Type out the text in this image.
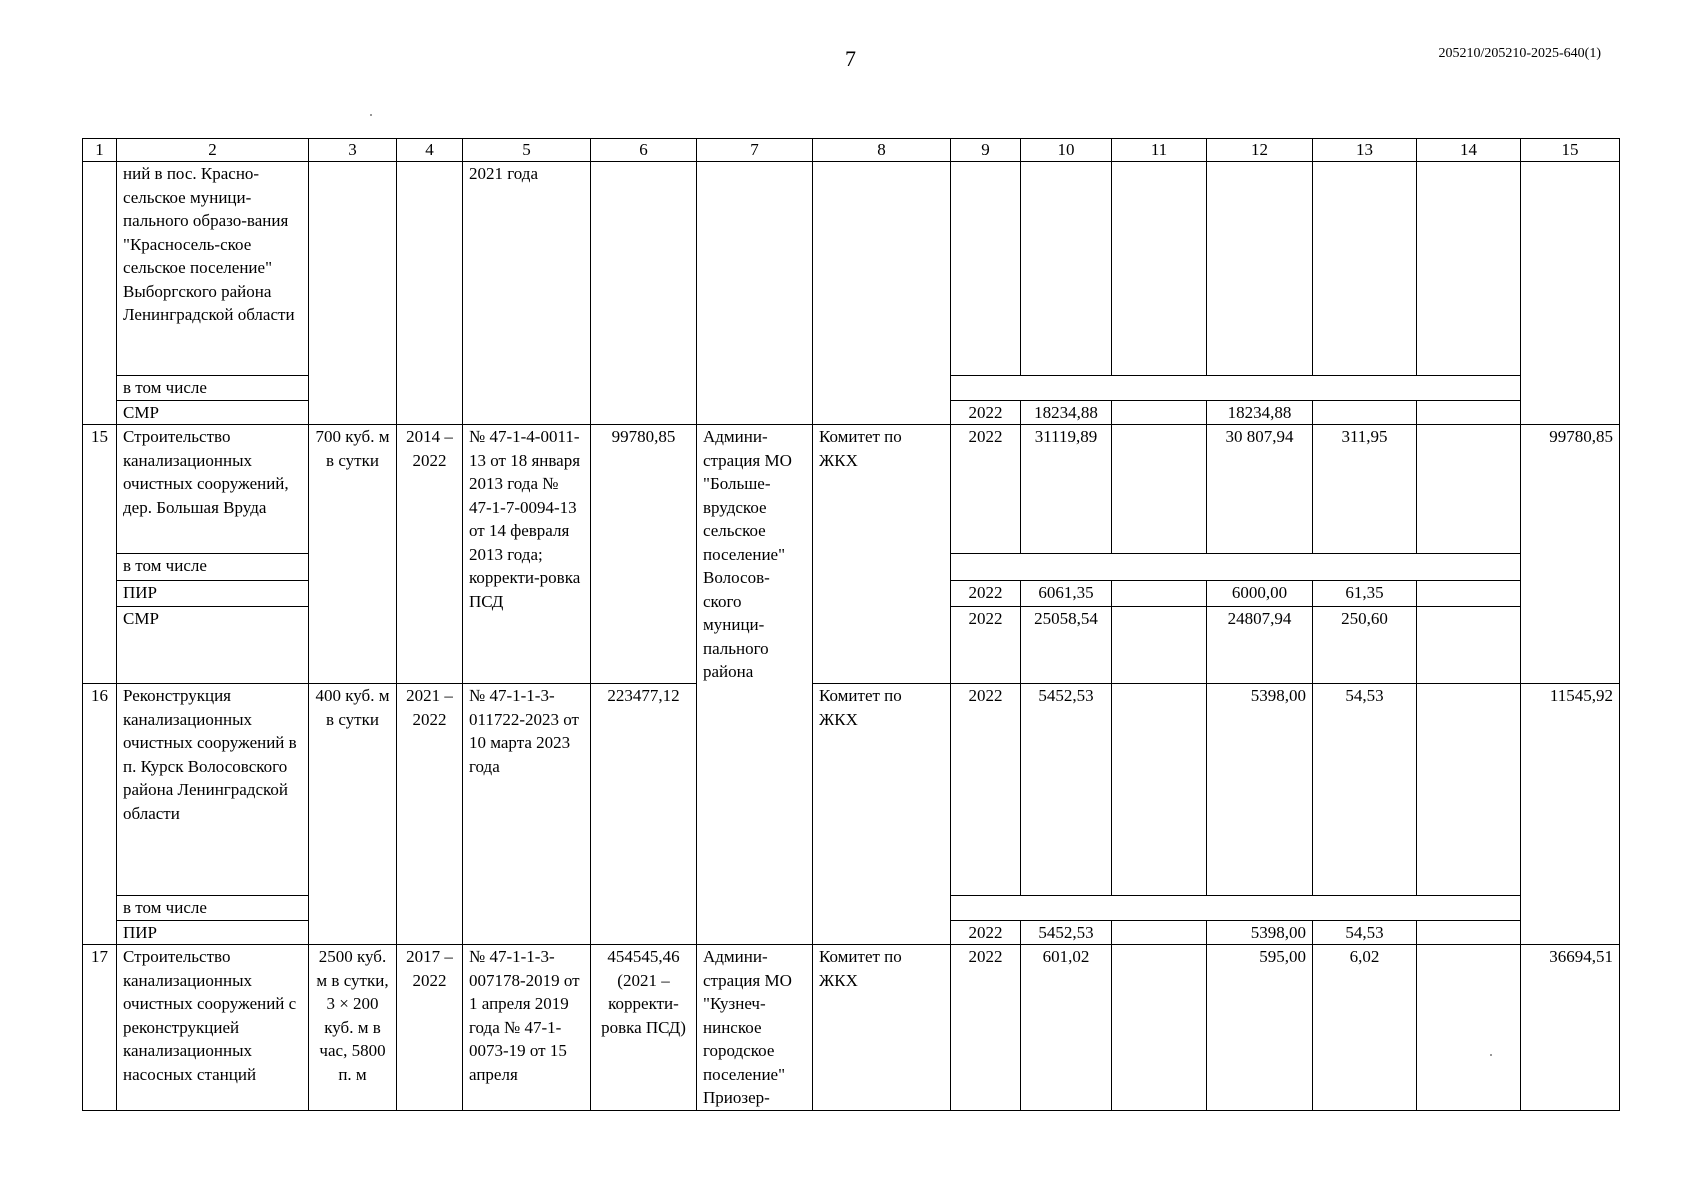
7	205210/205210-2025-640(1)
1	2	3	4	5	6	7	8	9	10	11	12	13	14	15
	ний в пос. Красно-сельское муници-пального образо-вания "Красносель-ское сельское поселение" Выборгского района Ленинградской области			2021 года										
	в том числе													
	СМР							2022	18234,88		18234,88			
15	Строительство канализационных очистных сооружений, дер. Большая Вруда	700 куб. м в сутки	2014 – 2022	№ 47-1-4-0011-13 от 18 января 2013 года № 47-1-7-0094-13 от 14 февраля 2013 года; корректи-ровка ПСД	99780,85	Админи-страция МО "Больше-врудское сельское поселение" Волосов-ского муници-пального района	Комитет по ЖКХ	2022	31119,89		30 807,94	311,95		99780,85
	в том числе													
	ПИР							2022	6061,35		6000,00	61,35		
	СМР							2022	25058,54		24807,94	250,60		
16	Реконструкция канализационных очистных сооружений в п. Курск Волосовского района Ленинградской области	400 куб. м в сутки	2021 – 2022	№ 47-1-1-3-011722-2023 от 10 марта 2023 года	223477,12		Комитет по ЖКХ	2022	5452,53		5398,00	54,53		11545,92
	в том числе													
	ПИР							2022	5452,53		5398,00	54,53		
17	Строительство канализационных очистных сооружений с реконструкцией канализационных насосных станций	2500 куб. м в сутки, 3 × 200 куб. м в час, 5800 п. м	2017 – 2022	№ 47-1-1-3-007178-2019 от 1 апреля 2019 года № 47-1-0073-19 от 15 апреля	454545,46 (2021 – корректи-ровка ПСД)	Админи-страция МО "Кузнеч-нинское городское поселение" Приозер-	Комитет по ЖКХ	2022	601,02		595,00	6,02		36694,51
